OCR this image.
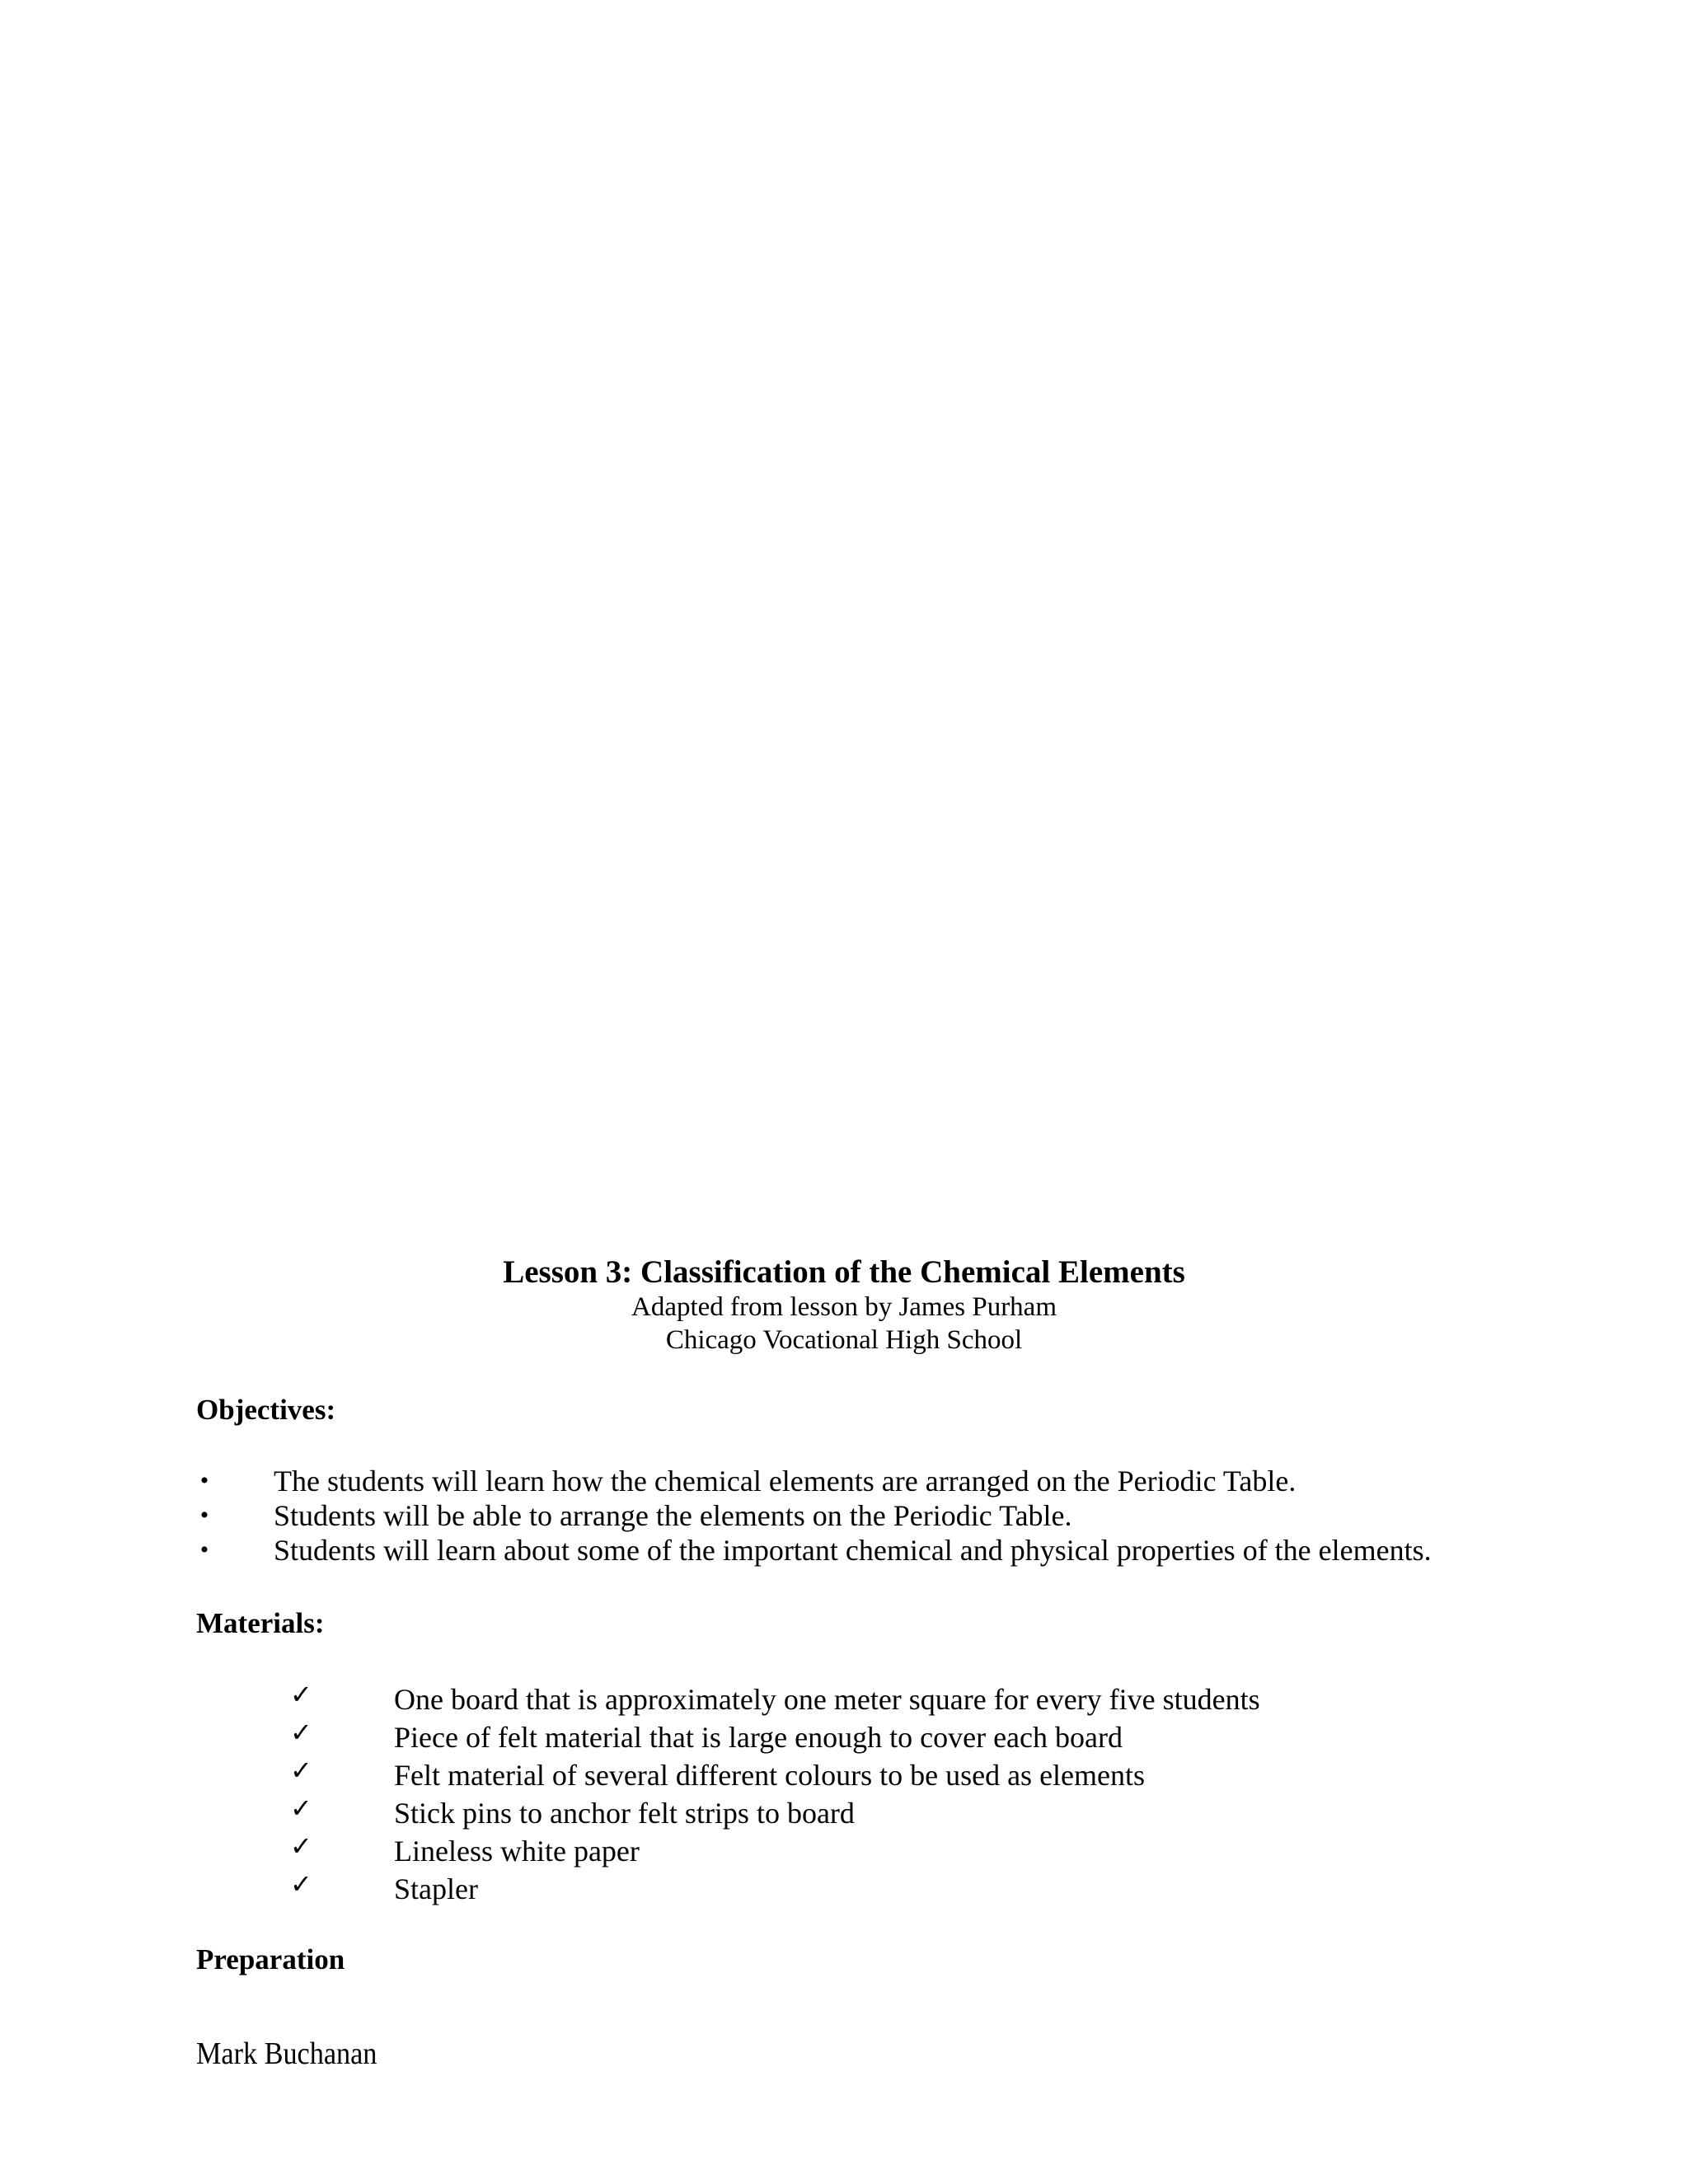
Lesson 3: Classification of the Chemical Elements

Adapted from lesson by James Purham

Chicago Vocational High School

Objectives:

• The students will learn how the chemical elements are arranged on the Periodic Table.
• Students will be able to arrange the elements on the Periodic Table.
• Students will learn about some of the important chemical and physical properties of the elements.

Materials:

✓	One board that is approximately one meter square for every five students
✓	Piece of felt material that is large enough to cover each board
✓	Felt material of several different colours to be used as elements
✓	Stick pins to anchor felt strips to board
✓	Lineless white paper
✓	Stapler

Preparation

Mark Buchanan
